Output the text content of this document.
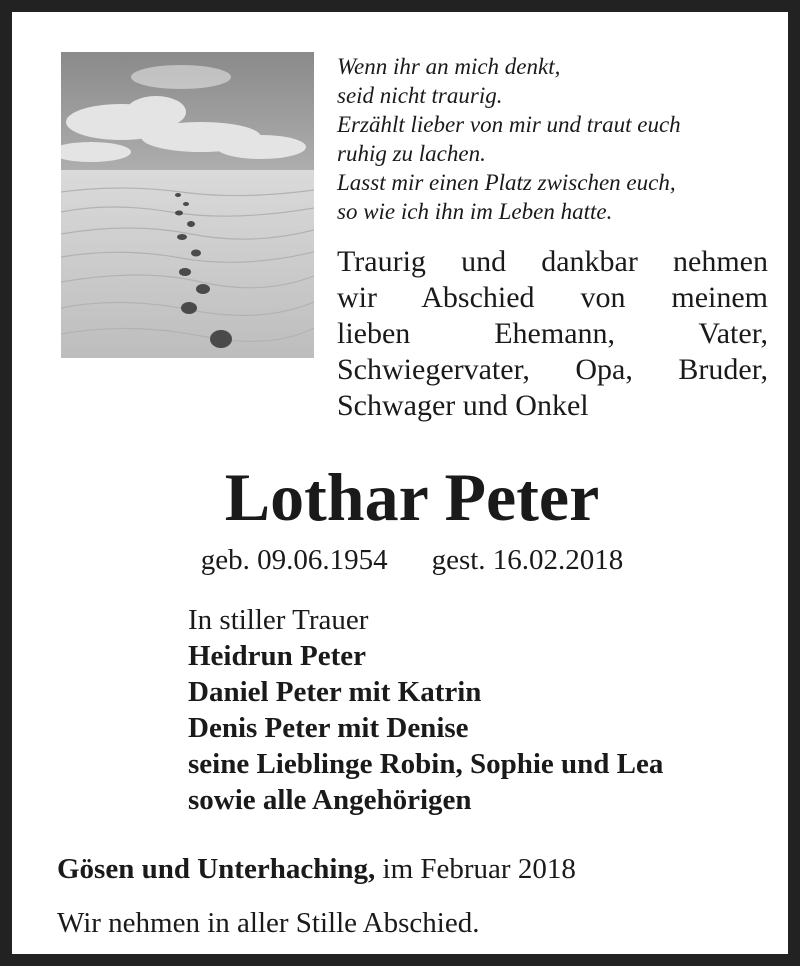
Wenn ihr an mich denkt,
seid nicht traurig.
Erzählt lieber von mir und traut euch
ruhig zu lachen.
Lasst mir einen Platz zwischen euch,
so wie ich ihn im Leben hatte.
Traurig und dankbar nehmen
wir Abschied von meinem
lieben Ehemann, Vater,
Schwiegervater, Opa, Bruder,
Schwager und Onkel
Lothar Peter
geb. 09.06.1954 gest. 16.02.2018
In stiller Trauer
Heidrun Peter
Daniel Peter mit Katrin
Denis Peter mit Denise
seine Lieblinge Robin, Sophie und Lea
sowie alle Angehörigen
Gösen und Unterhaching, im Februar 2018
Wir nehmen in aller Stille Abschied.
